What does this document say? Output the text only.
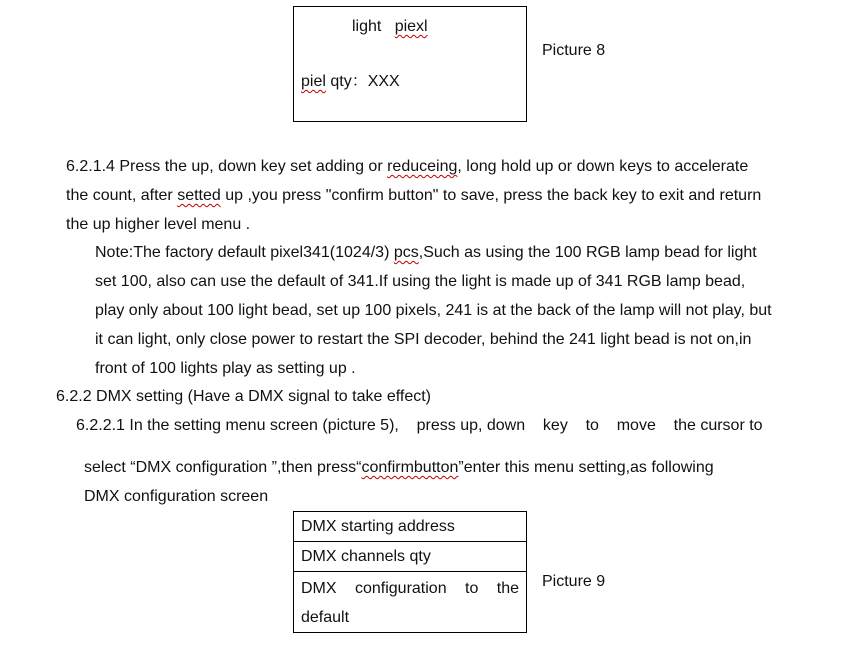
light piexl
piel qty：XXX
Picture 8
6.2.1.4 Press the up, down key set adding or reduceing, long hold up or down keys to accelerate
the count, after setted up ,you press "confirm button" to save, press the back key to exit and return
the up higher level menu .
Note:The factory default pixel341(1024/3) pcs,Such as using the 100 RGB lamp bead for light
set 100, also can use the default of 341.If using the light is made up of 341 RGB lamp bead,
play only about 100 light bead, set up 100 pixels, 241 is at the back of the lamp will not play, but
it can light, only close power to restart the SPI decoder, behind the 241 light bead is not on,in
front of 100 lights play as setting up .
6.2.2 DMX setting (Have a DMX signal to take effect)
6.2.2.1 In the setting menu screen (picture 5),    press up, down    key    to    move    the cursor to
select “DMX configuration ”,then press“confirmbutton”enter this menu setting,as following
DMX configuration screen
DMX starting address
DMX channels qty
DMX configuration to the
default
Picture 9
